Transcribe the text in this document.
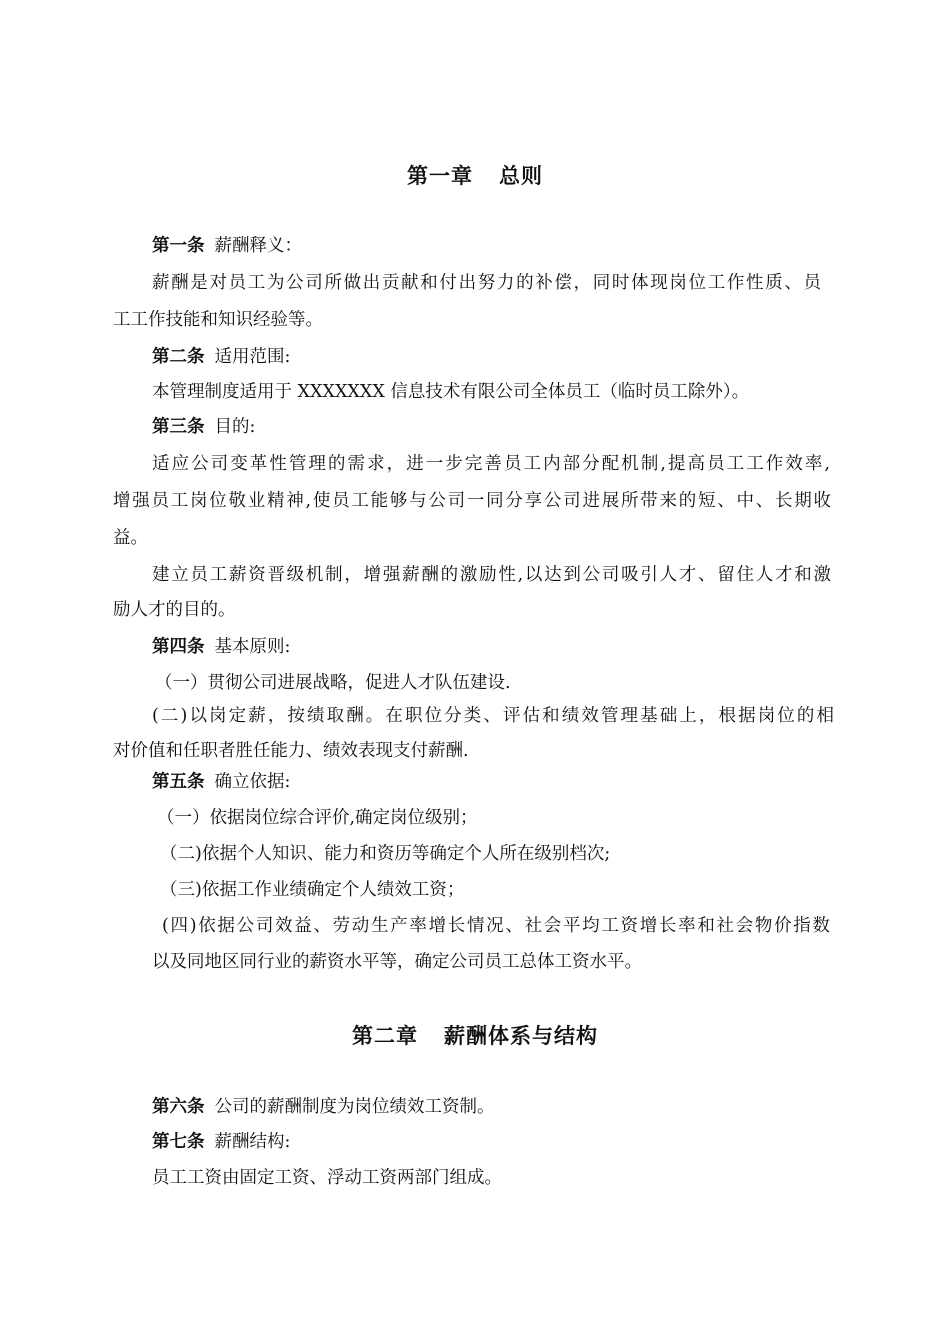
第一章 总则
第一条 薪酬释义：
薪酬是对员工为公司所做出贡献和付出努力的补偿，同时体现岗位工作性质、员
工工作技能和知识经验等。
第二条 适用范围:
本管理制度适用于 XXXXXXX 信息技术有限公司全体员工（临时员工除外）。
第三条 目的:
适应公司变革性管理的需求，进一步完善员工内部分配机制,提高员工工作效率,
增强员工岗位敬业精神,使员工能够与公司一同分享公司进展所带来的短、中、长期收
益。
建立员工薪资晋级机制，增强薪酬的激励性,以达到公司吸引人才、留住人才和激
励人才的目的。
第四条 基本原则:
（一）贯彻公司进展战略，促进人才队伍建设.
(二)以岗定薪，按绩取酬。在职位分类、评估和绩效管理基础上，根据岗位的相
对价值和任职者胜任能力、绩效表现支付薪酬.
第五条 确立依据:
（一）依据岗位综合评价,确定岗位级别；
（二)依据个人知识、能力和资历等确定个人所在级别档次;
（三)依据工作业绩确定个人绩效工资；
(四)依据公司效益、劳动生产率增长情况、社会平均工资增长率和社会物价指数
以及同地区同行业的薪资水平等，确定公司员工总体工资水平。
第二章 薪酬体系与结构
第六条 公司的薪酬制度为岗位绩效工资制。
第七条 薪酬结构:
员工工资由固定工资、浮动工资两部门组成。
